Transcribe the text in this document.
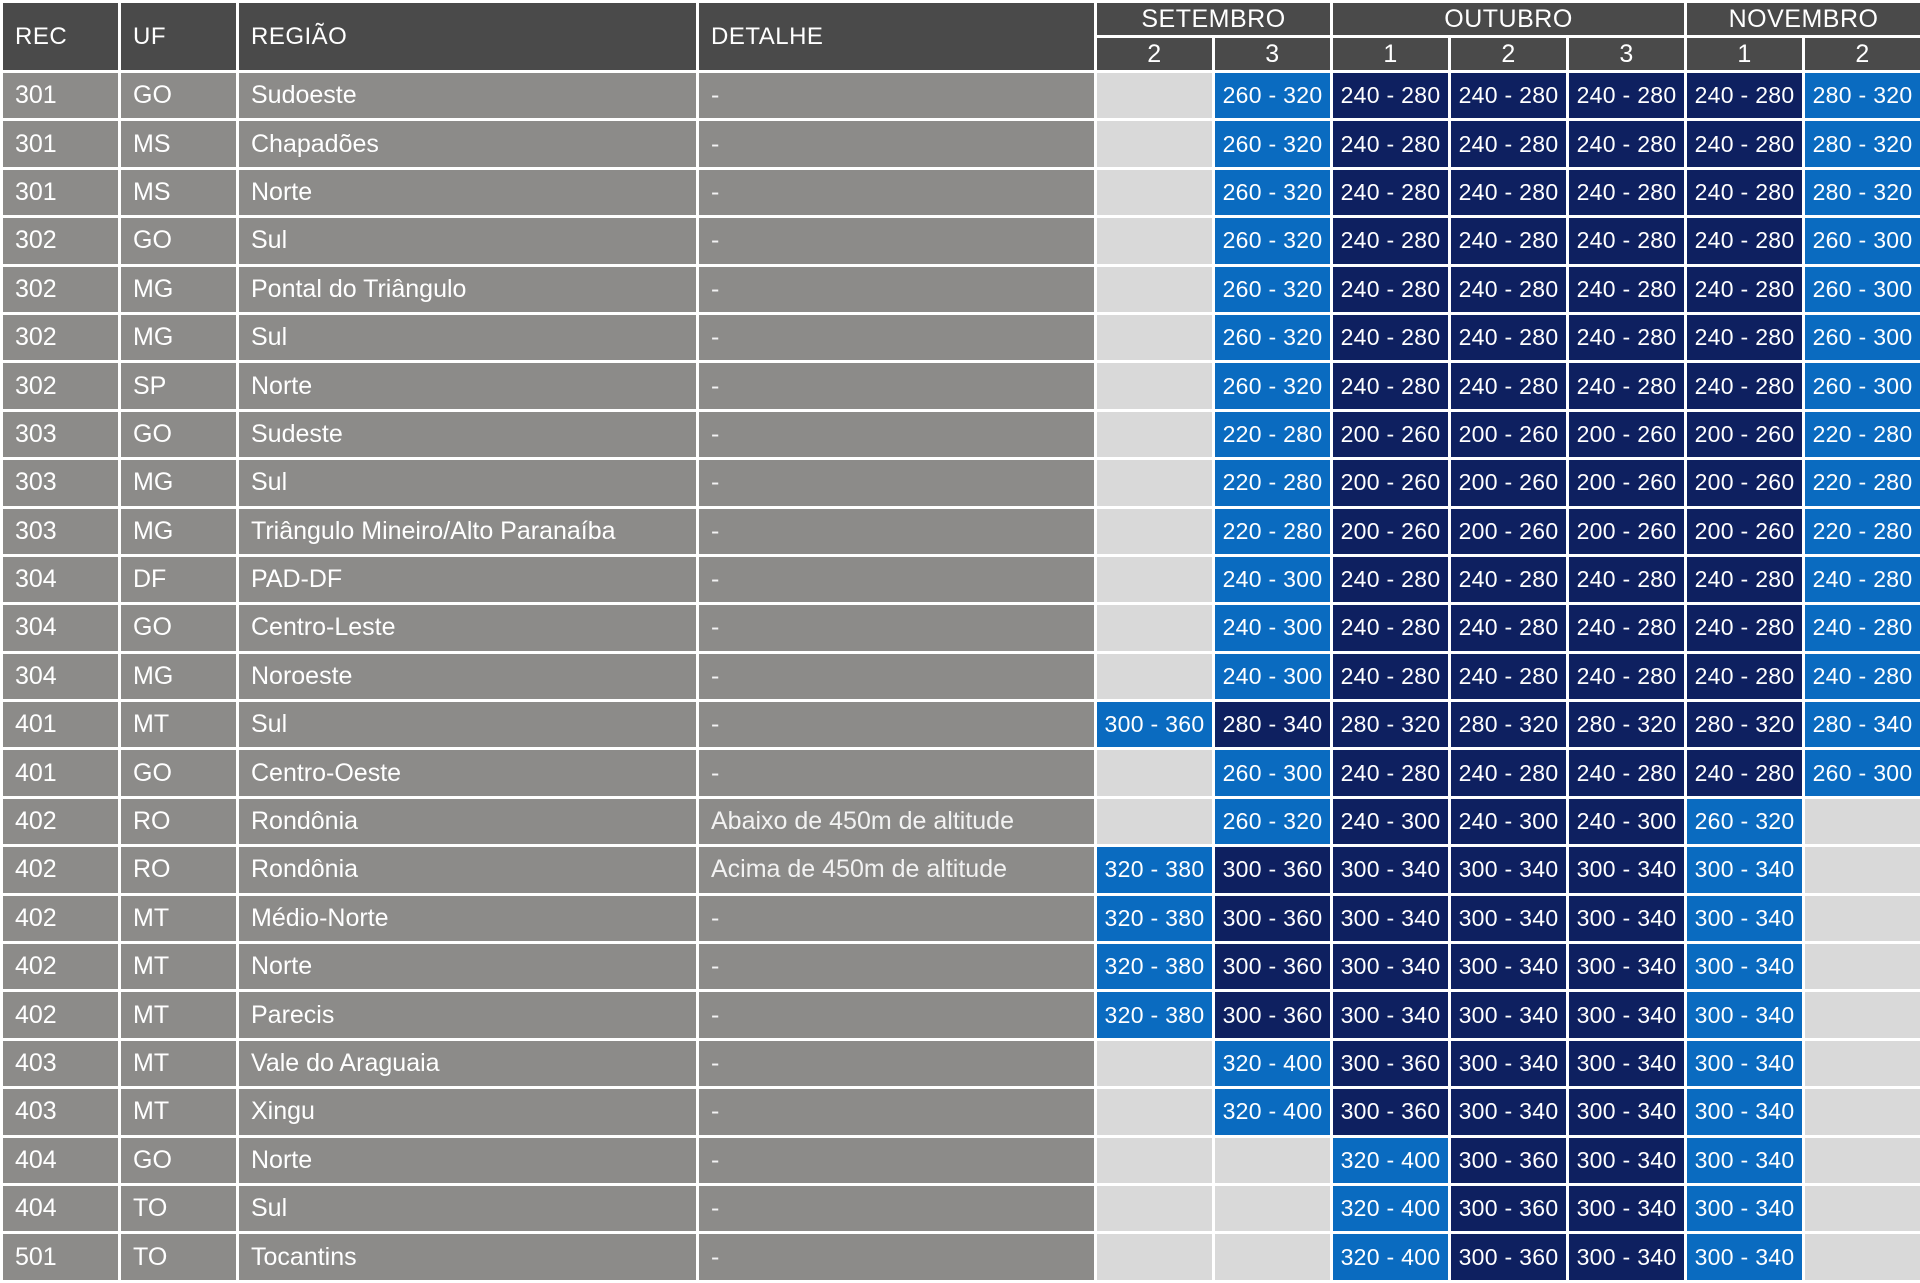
REC	UF	REGIÃO	DETALHE	SETEMBRO		OUTUBRO			NOVEMBRO	
				2	3	1	2	3	1	2
301	GO	Sudoeste	-		260 - 320	240 - 280	240 - 280	240 - 280	240 - 280	280 - 320
301	MS	Chapadões	-		260 - 320	240 - 280	240 - 280	240 - 280	240 - 280	280 - 320
301	MS	Norte	-		260 - 320	240 - 280	240 - 280	240 - 280	240 - 280	280 - 320
302	GO	Sul	-		260 - 320	240 - 280	240 - 280	240 - 280	240 - 280	260 - 300
302	MG	Pontal do Triângulo	-		260 - 320	240 - 280	240 - 280	240 - 280	240 - 280	260 - 300
302	MG	Sul	-		260 - 320	240 - 280	240 - 280	240 - 280	240 - 280	260 - 300
302	SP	Norte	-		260 - 320	240 - 280	240 - 280	240 - 280	240 - 280	260 - 300
303	GO	Sudeste	-		220 - 280	200 - 260	200 - 260	200 - 260	200 - 260	220 - 280
303	MG	Sul	-		220 - 280	200 - 260	200 - 260	200 - 260	200 - 260	220 - 280
303	MG	Triângulo Mineiro/Alto Paranaíba	-		220 - 280	200 - 260	200 - 260	200 - 260	200 - 260	220 - 280
304	DF	PAD-DF	-		240 - 300	240 - 280	240 - 280	240 - 280	240 - 280	240 - 280
304	GO	Centro-Leste	-		240 - 300	240 - 280	240 - 280	240 - 280	240 - 280	240 - 280
304	MG	Noroeste	-		240 - 300	240 - 280	240 - 280	240 - 280	240 - 280	240 - 280
401	MT	Sul	-	300 - 360	280 - 340	280 - 320	280 - 320	280 - 320	280 - 320	280 - 340
401	GO	Centro-Oeste	-		260 - 300	240 - 280	240 - 280	240 - 280	240 - 280	260 - 300
402	RO	Rondônia	Abaixo de 450m de altitude		260 - 320	240 - 300	240 - 300	240 - 300	260 - 320	
402	RO	Rondônia	Acima de 450m de altitude	320 - 380	300 - 360	300 - 340	300 - 340	300 - 340	300 - 340	
402	MT	Médio-Norte	-	320 - 380	300 - 360	300 - 340	300 - 340	300 - 340	300 - 340	
402	MT	Norte	-	320 - 380	300 - 360	300 - 340	300 - 340	300 - 340	300 - 340	
402	MT	Parecis	-	320 - 380	300 - 360	300 - 340	300 - 340	300 - 340	300 - 340	
403	MT	Vale do Araguaia	-		320 - 400	300 - 360	300 - 340	300 - 340	300 - 340	
403	MT	Xingu	-		320 - 400	300 - 360	300 - 340	300 - 340	300 - 340	
404	GO	Norte	-			320 - 400	300 - 360	300 - 340	300 - 340	
404	TO	Sul	-			320 - 400	300 - 360	300 - 340	300 - 340	
501	TO	Tocantins	-			320 - 400	300 - 360	300 - 340	300 - 340	
